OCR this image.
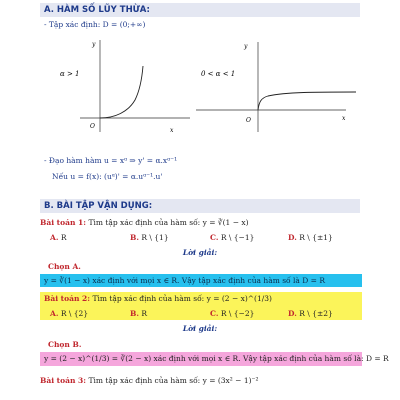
A. HÀM SỐ LŨY THỪA:
- Tập xác định: D = (0;+∞)
y
x
O
α > 1
y
x
O
0 < α < 1
- Đạo hàm hàm u = xᵅ ⇒ y' = α.xᵅ⁻¹
Nếu u = f(x): (uᵅ)' = α.uᵅ⁻¹.u'
B. BÀI TẬP VẬN DỤNG:
Bài toán 1: Tìm tập xác định của hàm số: y = ∛(1 − x)
A. R	B. R \ {1}	C. R \ {−1}	D. R \ {±1}
Lời giải:
Chọn A.
y = ∛(1 − x) xác định với mọi x ∈ R. Vậy tập xác định của hàm số là D = R
Bài toán 2: Tìm tập xác định của hàm số: y = (2 − x)^(1/3)
A. R \ {2}	B. R	C. R \ {−2}	D. R \ {±2}
Lời giải:
Chọn B.
y = (2 − x)^(1/3) = ∛(2 − x) xác định với mọi x ∈ R. Vậy tập xác định của hàm số là: D = R
Bài toán 3: Tìm tập xác định của hàm số: y = (3x² − 1)⁻²
